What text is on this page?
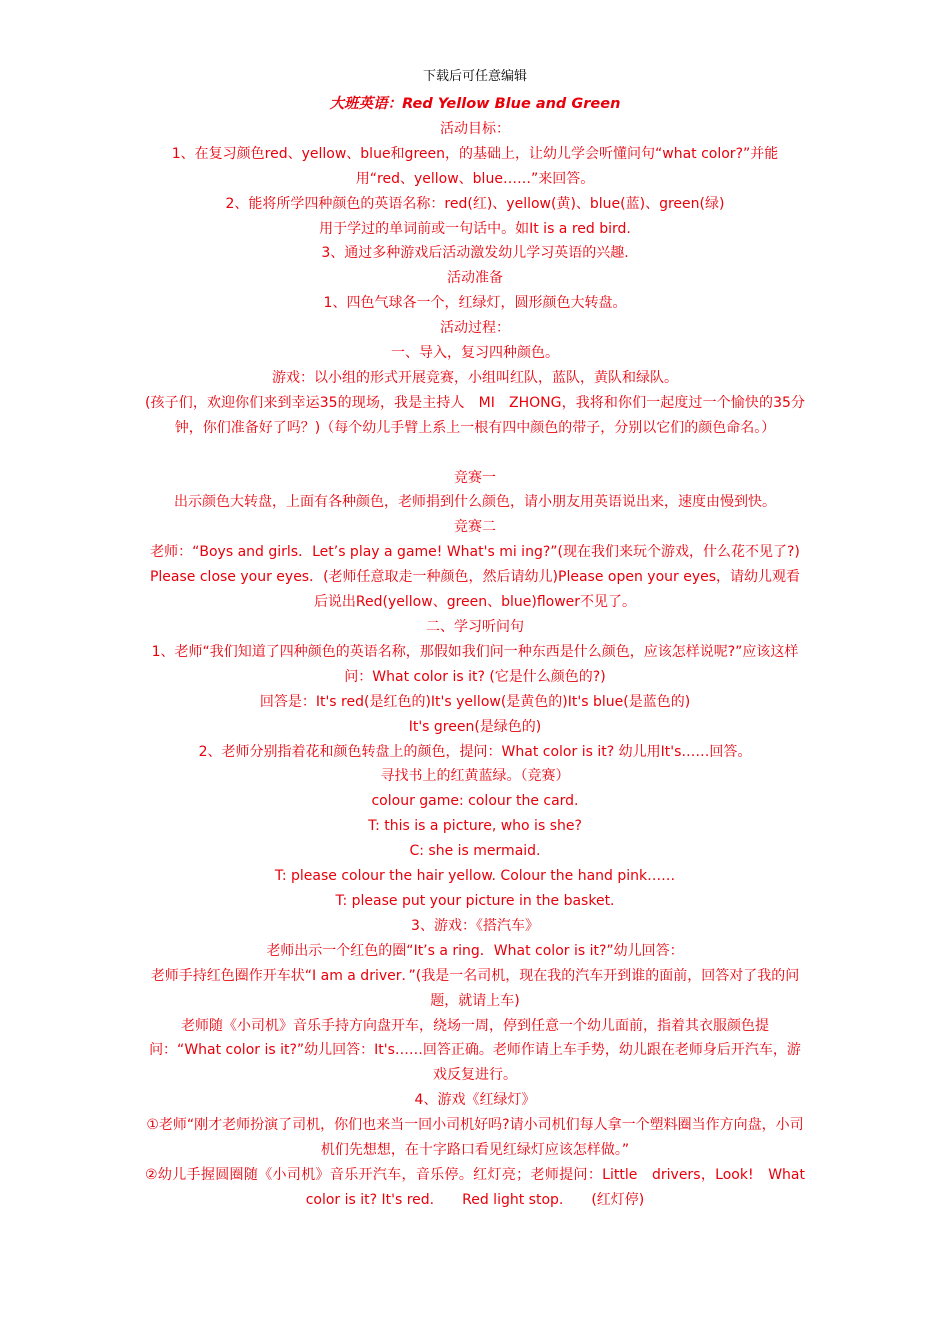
下载后可任意编辑

大班英语：Red Yellow Blue and Green

活动目标：

1、在复习颜色red、yellow、blue和green，的基础上，让幼儿学会听懂问句“what color?”并能用“red、yellow、blue……”来回答。

2、能将所学四种颜色的英语名称：red(红)、yellow(黄)、blue(蓝)、green(绿)

用于学过的单词前或一句话中。如It is a red bird.

3、通过多种游戏后活动激发幼儿学习英语的兴趣.

活动准备

1、四色气球各一个，红绿灯，圆形颜色大转盘。

活动过程：

一、导入，复习四种颜色。

游戏：以小组的形式开展竞赛，小组叫红队，蓝队，黄队和绿队。

(孩子们，欢迎你们来到幸运35的现场，我是主持人　MI　ZHONG，我将和你们一起度过一个愉快的35分钟，你们准备好了吗？)（每个幼儿手臂上系上一根有四中颜色的带子，分别以它们的颜色命名。）

竞赛一

出示颜色大转盘，上面有各种颜色，老师捐到什么颜色，请小朋友用英语说出来，速度由慢到快。

竞赛二

老师：“Boys and girls．Let’s play a game! What's mi ing?”(现在我们来玩个游戏，什么花不见了?)

Please close your eyes．(老师任意取走一种颜色，然后请幼儿)Please open your eyes，请幼儿观看后说出Red(yellow、green、blue)flower不见了。

二、学习听问句

1、老师“我们知道了四种颜色的英语名称，那假如我们问一种东西是什么颜色，应该怎样说呢?”应该这样问：What color is it? (它是什么颜色的?)

回答是：It's red(是红色的)It's yellow(是黄色的)It's blue(是蓝色的)

It's green(是绿色的)

2、老师分别指着花和颜色转盘上的颜色，提问：What color is it? 幼儿用It's……回答。

寻找书上的红黄蓝绿。（竞赛）

colour game: colour the card.

T: this is a picture, who is she?

C: she is mermaid.

T: please colour the hair yellow. Colour the hand pink……

T: please put your picture in the basket.

3、游戏：《搭汽车》

老师出示一个红色的圈“It’s a ring．What color is it?”幼儿回答：

老师手持红色圈作开车状“I am a driver．”(我是一名司机，现在我的汽车开到谁的面前，回答对了我的问题，就请上车)

老师随《小司机》音乐手持方向盘开车，绕场一周，停到任意一个幼儿面前，指着其衣服颜色提问：“What color is it?”幼儿回答：It's……回答正确。老师作请上车手势，幼儿跟在老师身后开汽车，游戏反复进行。

4、游戏《红绿灯》

①老师“刚才老师扮演了司机，你们也来当一回小司机好吗?请小司机们每人拿一个塑料圈当作方向盘，小司机们先想想，在十字路口看见红绿灯应该怎样做。”

②幼儿手握圆圈随《小司机》音乐开汽车，音乐停。红灯亮；老师提问：Little　drivers，Look!　What　color is it? It's red.　　Red light stop.　　(红灯停)
